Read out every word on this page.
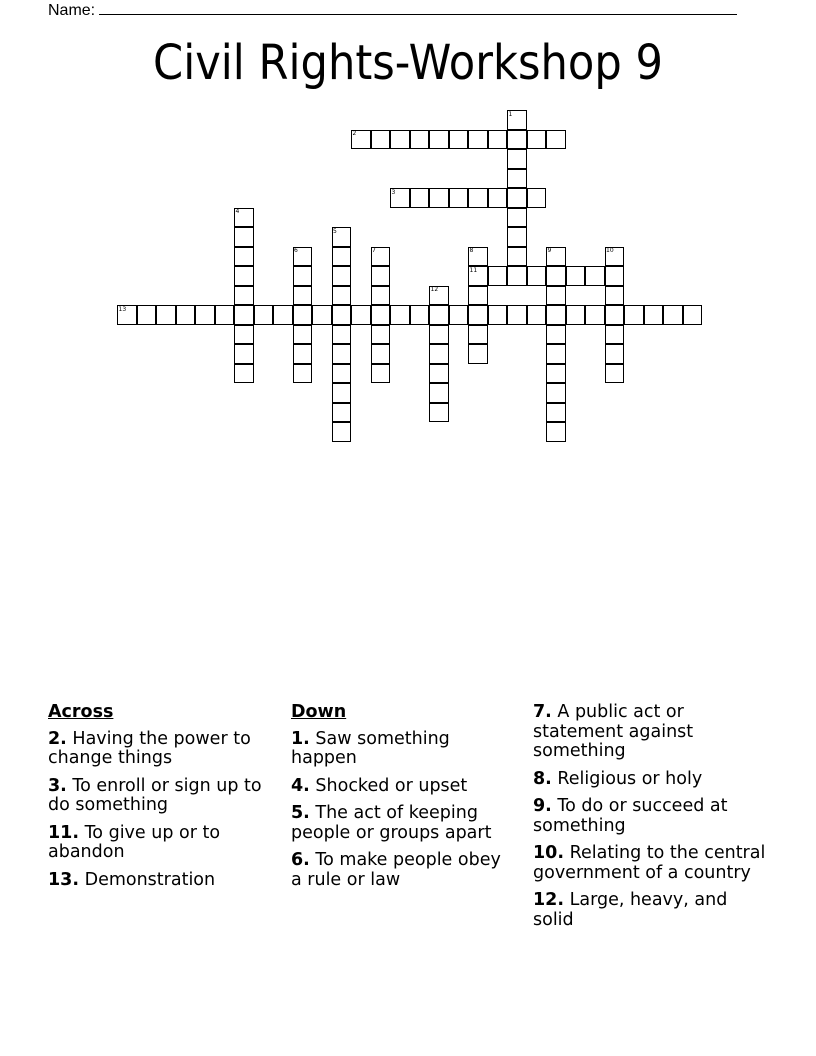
Name:
Civil Rights-Workshop 9
2
3
11
13
1
4
5
6	7	8	9	10
12
Across
2. Having the power to change things
3. To enroll or sign up to do something
11. To give up or to abandon
13. Demonstration
Down
1. Saw something happen
4. Shocked or upset
5. The act of keeping people or groups apart
6. To make people obey a rule or law
7. A public act or statement against something
8. Religious or holy
9. To do or succeed at something
10. Relating to the central government of a country
12. Large, heavy, and solid
